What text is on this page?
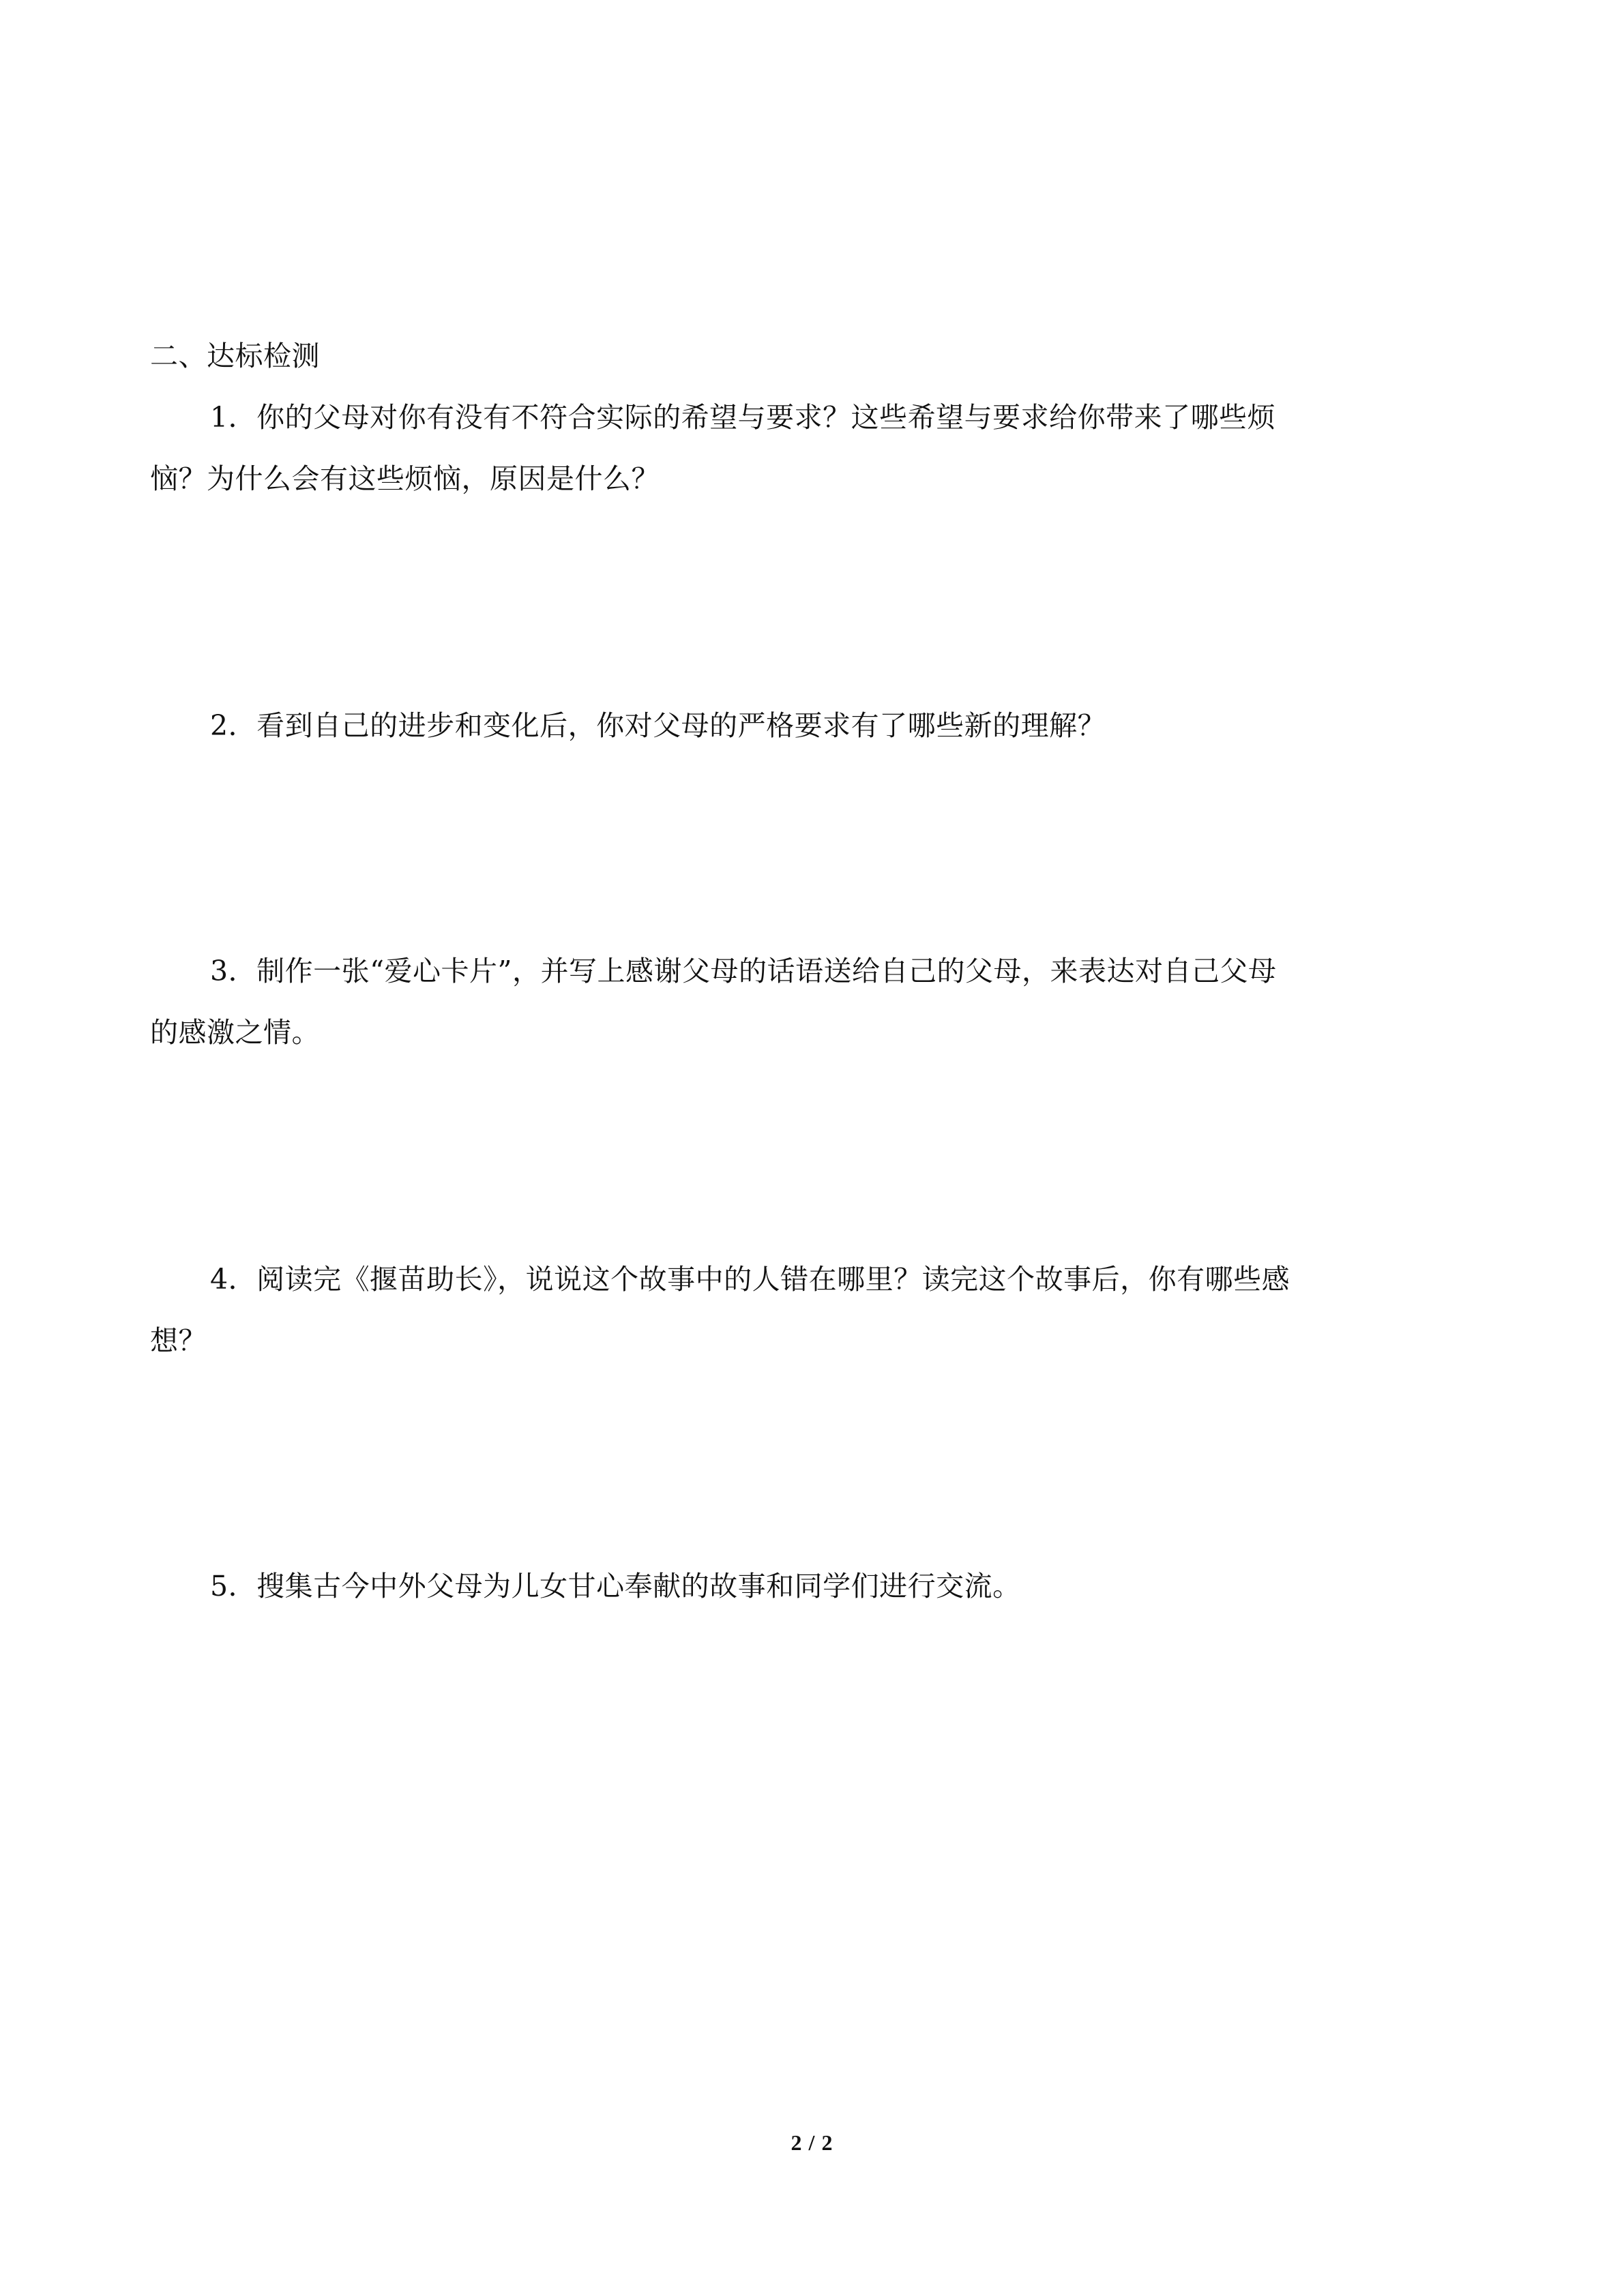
二、达标检测

1．你的父母对你有没有不符合实际的希望与要求？这些希望与要求给你带来了哪些烦

恼？为什么会有这些烦恼，原因是什么？

2．看到自己的进步和变化后，你对父母的严格要求有了哪些新的理解？

3．制作一张“爱心卡片”，并写上感谢父母的话语送给自己的父母，来表达对自己父母

的感激之情。

4．阅读完《揠苗助长》，说说这个故事中的人错在哪里？读完这个故事后，你有哪些感

想？

5．搜集古今中外父母为儿女甘心奉献的故事和同学们进行交流。

2 / 2
